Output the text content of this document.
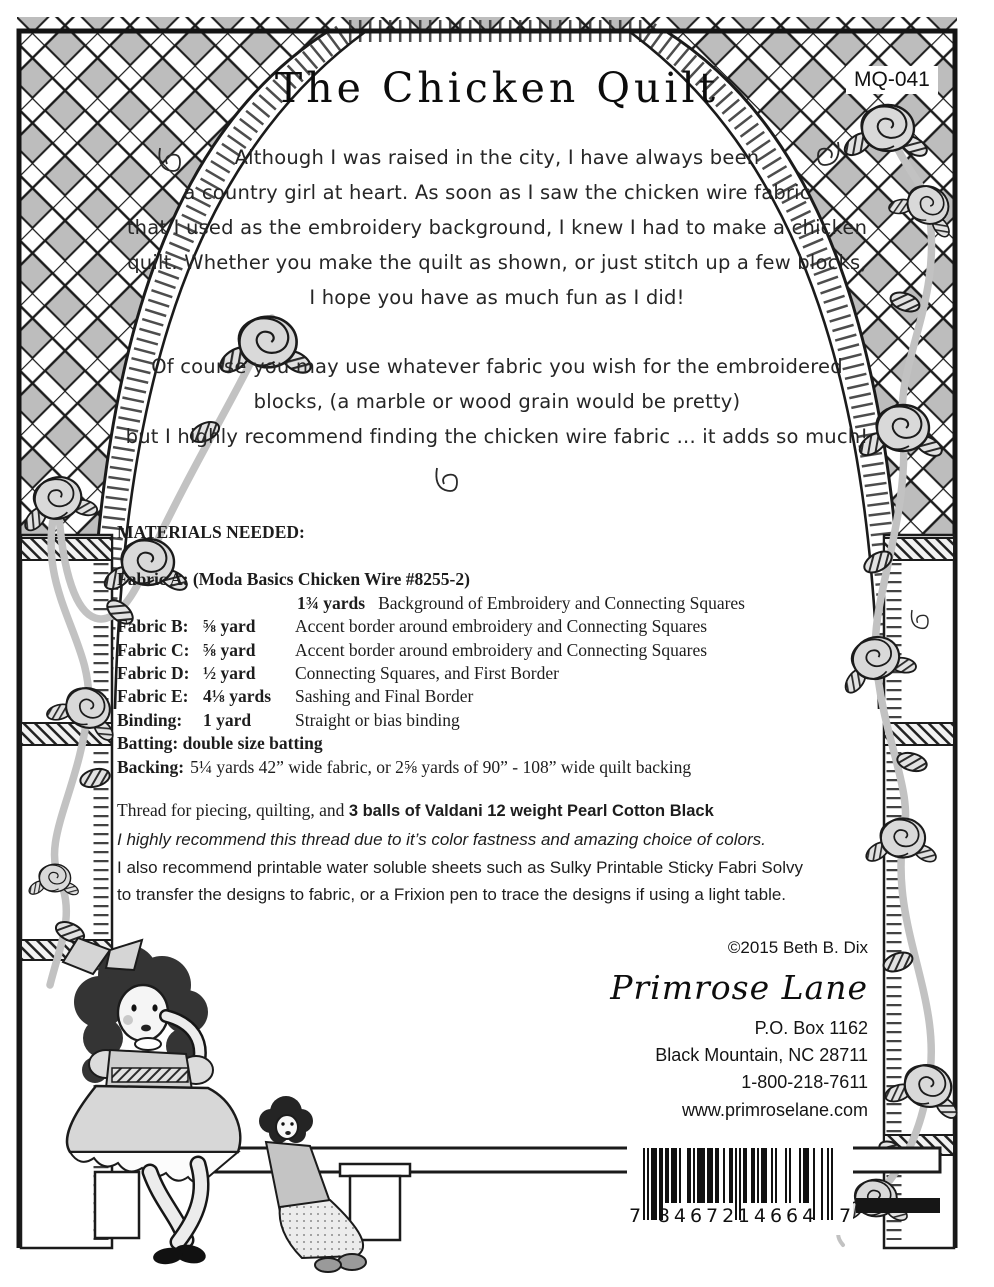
MQ-041
The Chicken Quilt
Although I was raised in the city, I have always been
a country girl at heart. As soon as I saw the chicken wire fabric
that I used as the embroidery background, I knew I had to make a chicken
quilt. Whether you make the quilt as shown, or just stitch up a few blocks,
I hope you have as much fun as I did!
Of course you may use whatever fabric you wish for the embroidered
blocks, (a marble or wood grain would be pretty)
but I highly recommend finding the chicken wire fabric ... it adds so much!
MATERIALS NEEDED:
Fabric A: (Moda Basics Chicken Wire #8255-2)
1¾ yards Background of Embroidery and Connecting Squares
Fabric B: ⅝ yard	Accent border around embroidery and Connecting Squares
Fabric C: ⅝ yard	Accent border around embroidery and Connecting Squares
Fabric D: ½ yard	Connecting Squares, and First Border
Fabric E: 4⅛ yards	Sashing and Final Border
Binding:	1 yard	Straight or bias binding
Batting: double size batting
Backing: 5¼ yards 42” wide fabric, or 2⅝ yards of 90” - 108” wide quilt backing
Thread for piecing, quilting, and 3 balls of Valdani 12 weight Pearl Cotton Black
I highly recommend this thread due to it’s color fastness and amazing choice of colors.
I also recommend printable water soluble sheets such as Sulky Printable Sticky Fabri Solvy
to transfer the designs to fabric, or a Frixion pen to trace the designs if using a light table.
©2015 Beth B. Dix
Primrose Lane
P.O. Box 1162
Black Mountain, NC 28711
1-800-218-7611
www.primroselane.com
7 84672 14664 7
